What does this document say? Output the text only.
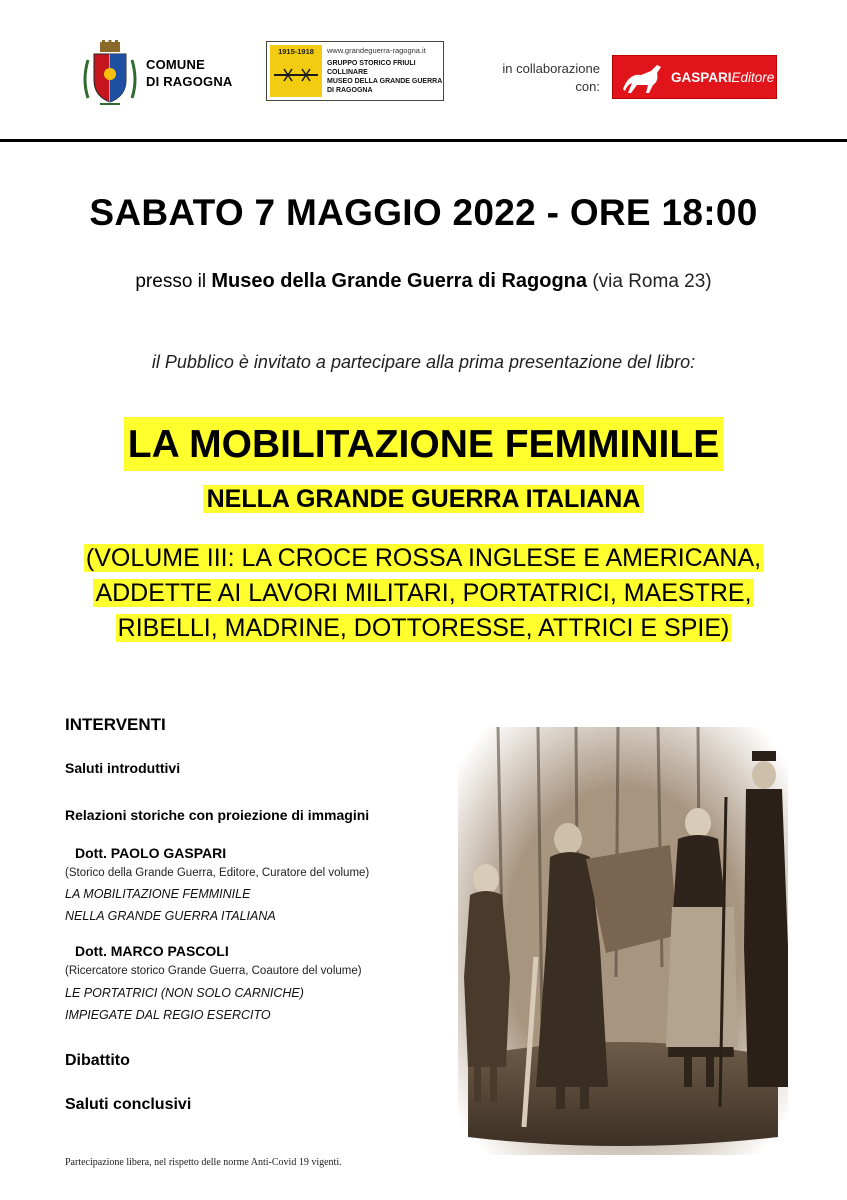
COMUNE
DI RAGOGNA
1915-1918	www.grandeguerra-ragogna.it
GRUPPO STORICO FRIULI COLLINARE
MUSEO DELLA GRANDE GUERRA
DI RAGOGNA
in collaborazione
con:
GASPARIEditore
SABATO 7 MAGGIO 2022 - ORE 18:00
presso il Museo della Grande Guerra di Ragogna (via Roma 23)
il Pubblico è invitato a partecipare alla prima presentazione del libro:
LA MOBILITAZIONE FEMMINILE
NELLA GRANDE GUERRA ITALIANA
(VOLUME III: LA CROCE ROSSA INGLESE E AMERICANA,
ADDETTE AI LAVORI MILITARI, PORTATRICI, MAESTRE,
RIBELLI, MADRINE, DOTTORESSE, ATTRICI E SPIE)
INTERVENTI
Saluti introduttivi
Relazioni storiche con proiezione di immagini
Dott. PAOLO GASPARI
(Storico della Grande Guerra, Editore, Curatore del volume)
LA MOBILITAZIONE FEMMINILE
NELLA GRANDE GUERRA ITALIANA
Dott. MARCO PASCOLI
(Ricercatore storico Grande Guerra, Coautore del volume)
LE PORTATRICI (NON SOLO CARNICHE)
IMPIEGATE DAL REGIO ESERCITO
Dibattito
Saluti conclusivi
Partecipazione libera, nel rispetto delle norme Anti-Covid 19 vigenti.
